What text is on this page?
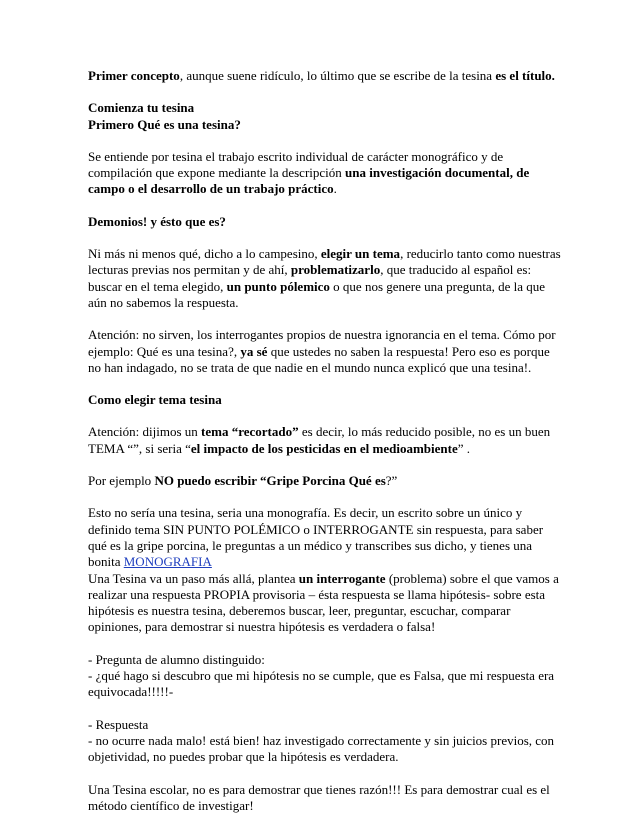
Primer concepto, aunque suene ridículo, lo último que se escribe de la tesina es el título.

Comienza tu tesina
Primero Qué es una tesina?

Se entiende por tesina el trabajo escrito individual de carácter monográfico y de compilación que expone mediante la descripción una investigación documental, de campo o el desarrollo de un trabajo práctico.

Demonios! y ésto que es?

Ni más ni menos qué, dicho a lo campesino, elegir un tema, reducirlo tanto como nuestras lecturas previas nos permitan y de ahí, problematizarlo, que traducido al español es: buscar en el tema elegido, un punto pólemico o que nos genere una pregunta, de la que aún no sabemos la respuesta.

Atención: no sirven, los interrogantes propios de nuestra ignorancia en el tema. Cómo por ejemplo: Qué es una tesina?, ya sé que ustedes no saben la respuesta! Pero eso es porque no han indagado, no se trata de que nadie en el mundo nunca explicó que una tesina!.

Como elegir tema tesina

Atención: dijimos un tema “recortado” es decir, lo más reducido posible, no es un buen TEMA “”, si seria “el impacto de los pesticidas en el medioambiente” .

Por ejemplo NO puedo escribir “Gripe Porcina Qué es?”

Esto no sería una tesina, seria una monografía. Es decir, un escrito sobre un único y definido tema SIN PUNTO POLÉMICO o INTERROGANTE sin respuesta, para saber qué es la gripe porcina, le preguntas a un médico y transcribes sus dicho, y tienes una bonita MONOGRAFIA
Una Tesina va un paso más allá, plantea un interrogante (problema) sobre el que vamos a realizar una respuesta PROPIA provisoria – ésta respuesta se llama hipótesis- sobre esta hipótesis es nuestra tesina, deberemos buscar, leer, preguntar, escuchar, comparar opiniones, para demostrar si nuestra hipótesis es verdadera o falsa!

- Pregunta de alumno distinguido:
- ¿qué hago si descubro que mi hipótesis no se cumple, que es Falsa, que mi respuesta era equivocada!!!!!-

- Respuesta
- no ocurre nada malo! está bien! haz investigado correctamente y sin juicios previos, con objetividad, no puedes probar que la hipótesis es verdadera.

Una Tesina escolar, no es para demostrar que tienes razón!!! Es para demostrar cual es el método científico de investigar!
